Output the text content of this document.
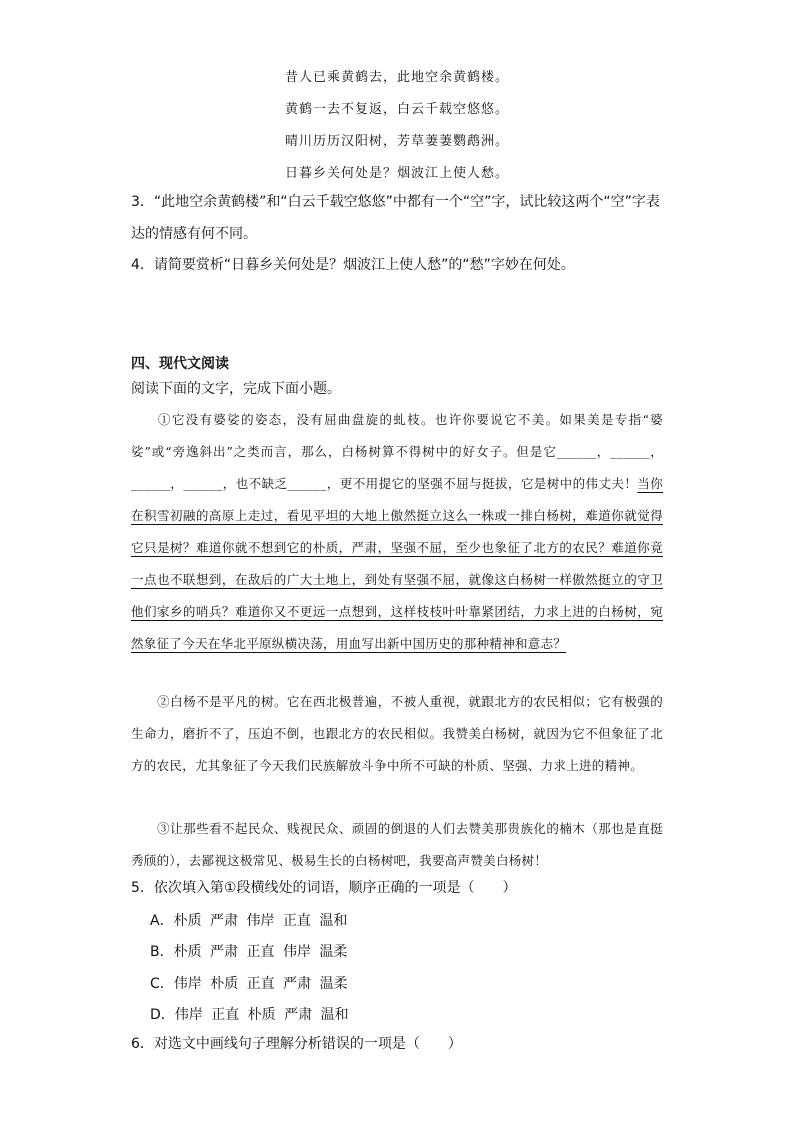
昔人已乘黄鹤去，此地空余黄鹤楼。
黄鹤一去不复返，白云千载空悠悠。
晴川历历汉阳树，芳草萋萋鹦鹉洲。
日暮乡关何处是？烟波江上使人愁。
3．“此地空余黄鹤楼”和“白云千载空悠悠”中都有一个“空”字，试比较这两个“空”字表达的情感有何不同。
4．请简要赏析“日暮乡关何处是？烟波江上使人愁”的“愁”字妙在何处。
四、现代文阅读
阅读下面的文字，完成下面小题。
①它没有婆娑的姿态，没有屈曲盘旋的虬枝。也许你要说它不美。如果美是专指“婆娑”或“旁逸斜出”之类而言，那么，白杨树算不得树中的好女子。但是它______，______，______，______，也不缺乏______，更不用提它的坚强不屈与挺拔，它是树中的伟丈夫！当你在积雪初融的高原上走过，看见平坦的大地上傲然挺立这么一株或一排白杨树，难道你就觉得它只是树？难道你就不想到它的朴质，严肃，坚强不屈，至少也象征了北方的农民？难道你竟一点也不联想到，在敌后的广大土地上，到处有坚强不屈，就像这白杨树一样傲然挺立的守卫他们家乡的哨兵？难道你又不更远一点想到，这样枝枝叶叶靠紧团结，力求上进的白杨树，宛然象征了今天在华北平原纵横决荡，用血写出新中国历史的那种精神和意志？
②白杨不是平凡的树。它在西北极普遍，不被人重视，就跟北方的农民相似；它有极强的生命力，磨折不了，压迫不倒，也跟北方的农民相似。我赞美白杨树，就因为它不但象征了北方的农民，尤其象征了今天我们民族解放斗争中所不可缺的朴质、坚强、力求上进的精神。
③让那些看不起民众、贱视民众、顽固的倒退的人们去赞美那贵族化的楠木（那也是直挺秀颀的），去鄙视这极常见、极易生长的白杨树吧，我要高声赞美白杨树！
5．依次填入第①段横线处的词语，顺序正确的一项是（　　）
A．朴质 严肃 伟岸 正直 温和
B．朴质 严肃 正直 伟岸 温柔
C．伟岸 朴质 正直 严肃 温柔
D．伟岸 正直 朴质 严肃 温和
6．对选文中画线句子理解分析错误的一项是（　　）
